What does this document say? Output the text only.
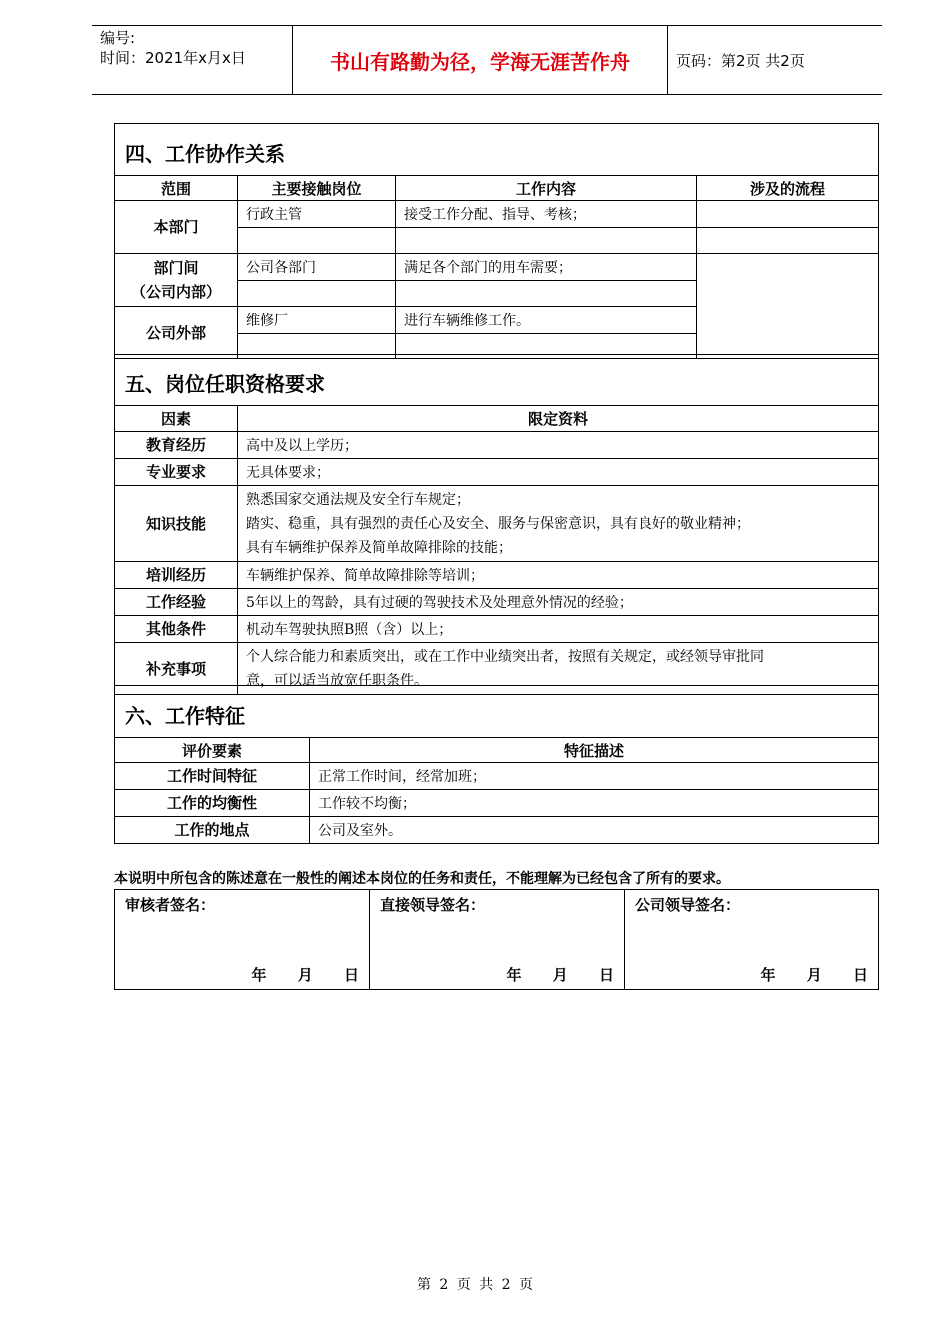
编号:
时间：2021年x月x日	书山有路勤为径，学海无涯苦作舟	页码：第2页 共2页
四、工作协作关系			
范围	主要接触岗位	工作内容	涉及的流程
本部门	行政主管	接受工作分配、指导、考核；	

部门间
（公司内部）	公司各部门	满足各个部门的用车需要；	

公司外部	维修厂	进行车辆维修工作。	

五、岗位任职资格要求	
因素	限定资料
教育经历	高中及以上学历；

专业要求	无具体要求；

知识技能	熟悉国家交通法规及安全行车规定；
踏实、稳重，具有强烈的责任心及安全、服务与保密意识，具有良好的敬业精神；
具有车辆维护保养及简单故障排除的技能；

培训经历	车辆维护保养、简单故障排除等培训；

工作经验	5年以上的驾龄，具有过硬的驾驶技术及处理意外情况的经验；

其他条件	机动车驾驶执照B照（含）以上；

补充事项	个人综合能力和素质突出，或在工作中业绩突出者，按照有关规定，或经领导审批同
意，可以适当放宽任职条件。
六、工作特征	
评价要素	特征描述
工作时间特征	正常工作时间，经常加班；
工作的均衡性	工作较不均衡；
工作的地点	公司及室外。
本说明中所包含的陈述意在一般性的阐述本岗位的任务和责任，不能理解为已经包含了所有的要求。
审核者签名：
年 月 日

直接领导签名：
年 月 日

公司领导签名：
年 月 日
第 2 页 共 2 页
